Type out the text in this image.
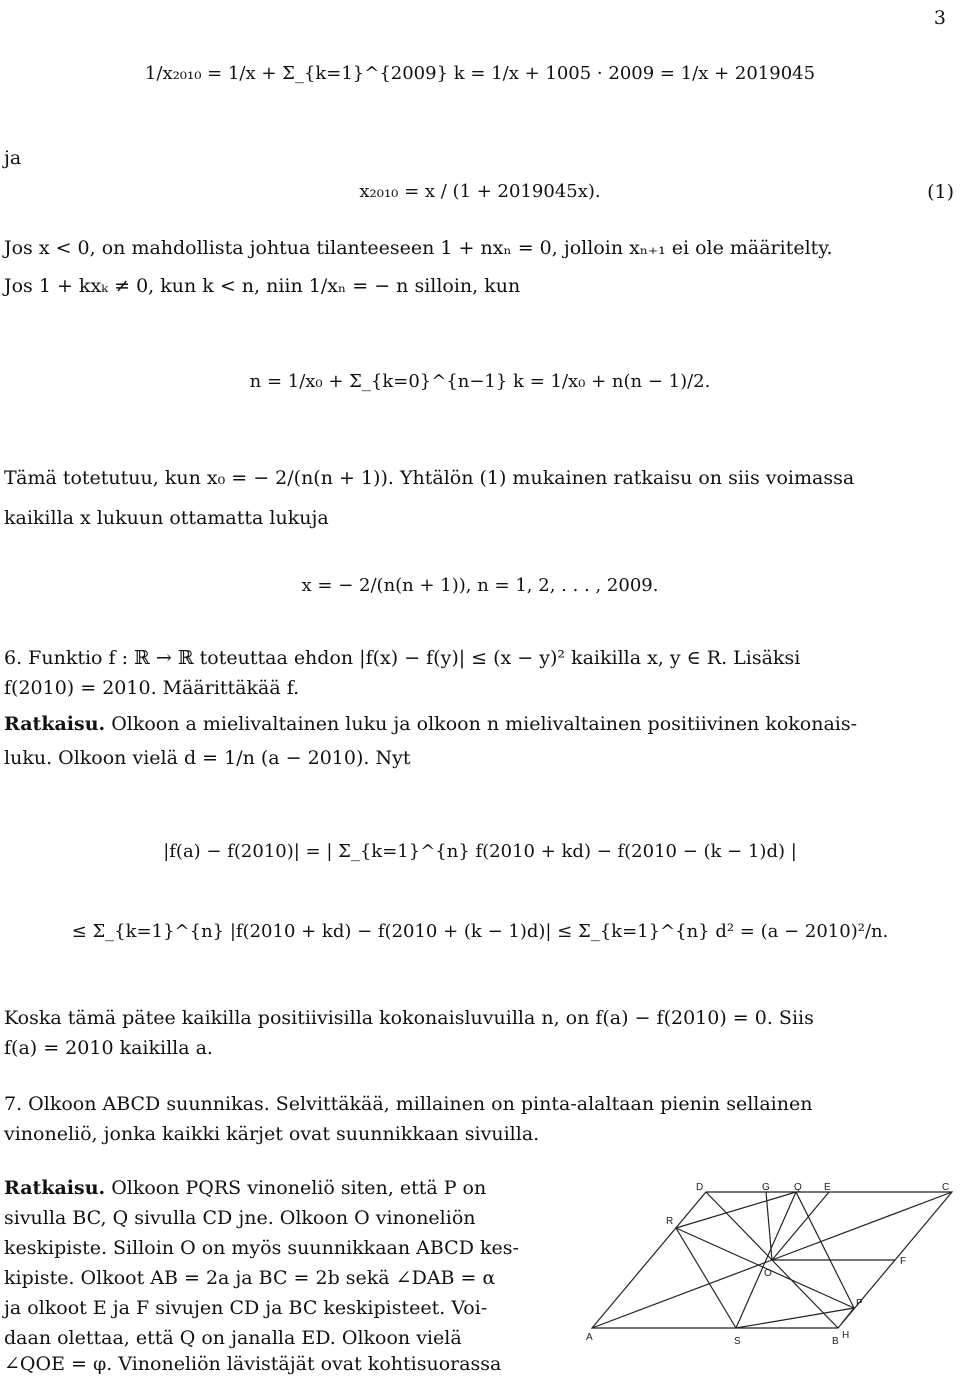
3
1/x₂₀₁₀ = 1/x + Σ_{k=1}^{2009} k = 1/x + 1005 · 2009 = 1/x + 2019045
ja
x₂₀₁₀ = x / (1 + 2019045x).	(1)
Jos x < 0, on mahdollista johtua tilanteeseen 1 + nxₙ = 0, jolloin xₙ₊₁ ei ole määritelty.
Jos 1 + kxₖ ≠ 0, kun k < n, niin 1/xₙ = − n silloin, kun
n = 1/x₀ + Σ_{k=0}^{n−1} k = 1/x₀ + n(n − 1)/2.
Tämä totetutuu, kun x₀ = − 2/(n(n + 1)). Yhtälön (1) mukainen ratkaisu on siis voimassa
kaikilla x lukuun ottamatta lukuja
x = − 2/(n(n + 1)), n = 1, 2, . . . , 2009.
6. Funktio f : ℝ → ℝ toteuttaa ehdon |f(x) − f(y)| ≤ (x − y)² kaikilla x, y ∈ R. Lisäksi
f(2010) = 2010. Määrittäkää f.
Ratkaisu. Olkoon a mielivaltainen luku ja olkoon n mielivaltainen positiivinen kokonais-
luku. Olkoon vielä d = 1/n (a − 2010). Nyt
|f(a) − f(2010)| = | Σ_{k=1}^{n} f(2010 + kd) − f(2010 − (k − 1)d) |
≤ Σ_{k=1}^{n} |f(2010 + kd) − f(2010 + (k − 1)d)| ≤ Σ_{k=1}^{n} d² = (a − 2010)²/n.
Koska tämä pätee kaikilla positiivisilla kokonaisluvuilla n, on f(a) − f(2010) = 0. Siis
f(a) = 2010 kaikilla a.
7. Olkoon ABCD suunnikas. Selvittäkää, millainen on pinta-alaltaan pienin sellainen
vinoneliö, jonka kaikki kärjet ovat suunnikkaan sivuilla.
Ratkaisu. Olkoon PQRS vinoneliö siten, että P on
sivulla BC, Q sivulla CD jne. Olkoon O vinoneliön
keskipiste. Silloin O on myös suunnikkaan ABCD kes-
kipiste. Olkoot AB = 2a ja BC = 2b sekä ∠DAB = α
ja olkoot E ja F sivujen CD ja BC keskipisteet. Voi-
daan olettaa, että Q on janalla ED. Olkoon vielä
∠QOE = φ. Vinoneliön lävistäjät ovat kohtisuorassa
A	B
H
S
C
D	G Q E
R
O
F
P
